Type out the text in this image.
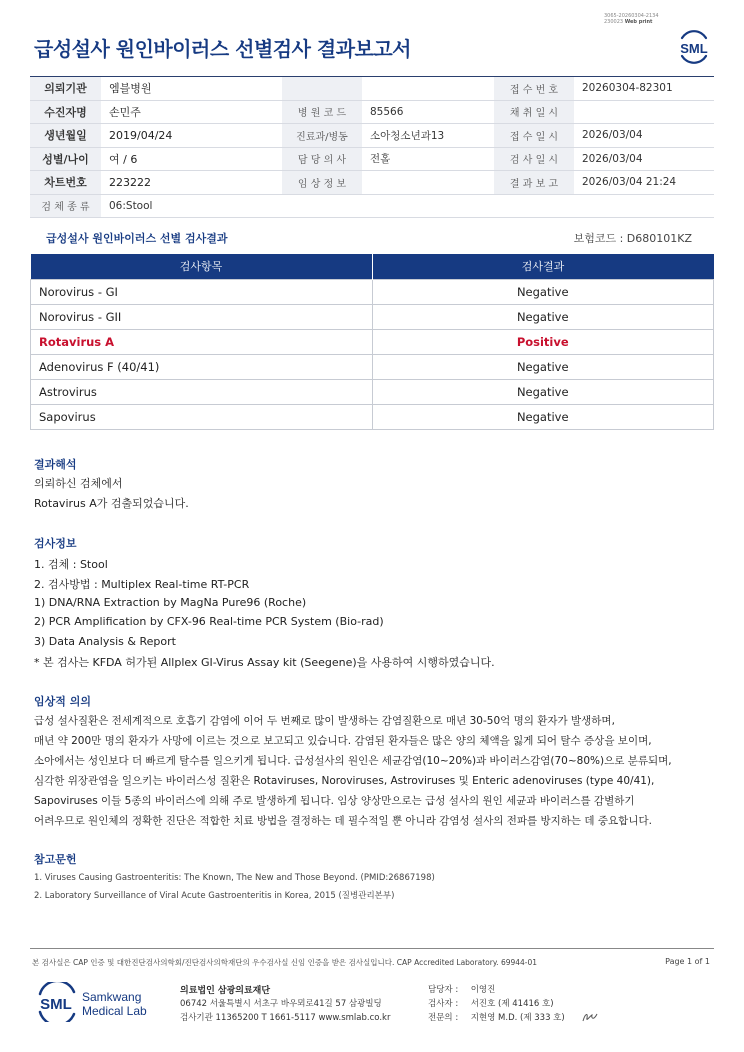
3065-20260304-2134
230023 Web print
급성설사 원인바이러스 선별검사 결과보고서	SML
의뢰기관	엠블병원			접 수 번 호	20260304-82301
수진자명	손민주	병 원 코 드	85566	채 취 일 시	
생년월일	2019/04/24	진료과/병동	소아청소년과13	접 수 일 시	2026/03/04
성별/나이	여 / 6	담 당 의 사	전홀	검 사 일 시	2026/03/04
차트번호	223222	임 상 정 보		결 과 보 고	2026/03/04 21:24
검 체 종 류	06:Stool				
급성설사 원인바이러스 선별 검사결과	보험코드 : D680101KZ
검사항목	검사결과
Norovirus - GI	Negative
Norovirus - GII	Negative
Rotavirus A	Positive
Adenovirus F (40/41)	Negative
Astrovirus	Negative
Sapovirus	Negative
결과해석
의뢰하신 검체에서
Rotavirus A가 검출되었습니다.
검사정보
1. 검체 : Stool
2. 검사방법 : Multiplex Real-time RT-PCR
1) DNA/RNA Extraction by MagNa Pure96 (Roche)
2) PCR Amplification by CFX-96 Real-time PCR System (Bio-rad)
3) Data Analysis & Report
* 본 검사는 KFDA 허가된 Allplex GI-Virus Assay kit (Seegene)을 사용하여 시행하였습니다.
임상적 의의
급성 설사질환은 전세계적으로 호흡기 감염에 이어 두 번째로 많이 발생하는 감염질환으로 매년 30-50억 명의 환자가 발생하며,
매년 약 200만 명의 환자가 사망에 이르는 것으로 보고되고 있습니다. 감염된 환자들은 많은 양의 체액을 잃게 되어 탈수 증상을 보이며,
소아에서는 성인보다 더 빠르게 탈수를 일으키게 됩니다. 급성설사의 원인은 세균감염(10~20%)과 바이러스감염(70~80%)으로 분류되며,
심각한 위장관염을 일으키는 바이러스성 질환은 Rotaviruses, Noroviruses, Astroviruses 및 Enteric adenoviruses (type 40/41),
Sapoviruses 이들 5종의 바이러스에 의해 주로 발생하게 됩니다. 임상 양상만으로는 급성 설사의 원인 세균과 바이러스를 감별하기
어려우므로 원인체의 정확한 진단은 적합한 치료 방법을 결정하는 데 필수적일 뿐 아니라 감염성 설사의 전파를 방지하는 데 중요합니다.
참고문헌
1. Viruses Causing Gastroenteritis: The Known, The New and Those Beyond. (PMID:26867198)
2. Laboratory Surveillance of Viral Acute Gastroenteritis in Korea, 2015 (질병관리본부)
본 검사실은 CAP 인증 및 대한진단검사의학회/진단검사의학재단의 우수검사실 신임 인증을 받은 검사실입니다. CAP Accredited Laboratory. 69944-01	Page 1 of 1
SML Samkwang
Medical Lab
의료법인 삼광의료재단
06742 서울특별시 서초구 바우뫼로41길 57 삼광빌딩
검사기관 11365200 T 1661-5117 www.smlab.co.kr
담당자 : 이영진
검사자 : 서진호 (제 41416 호)
전문의 : 지현영 M.D. (제 333 호)
